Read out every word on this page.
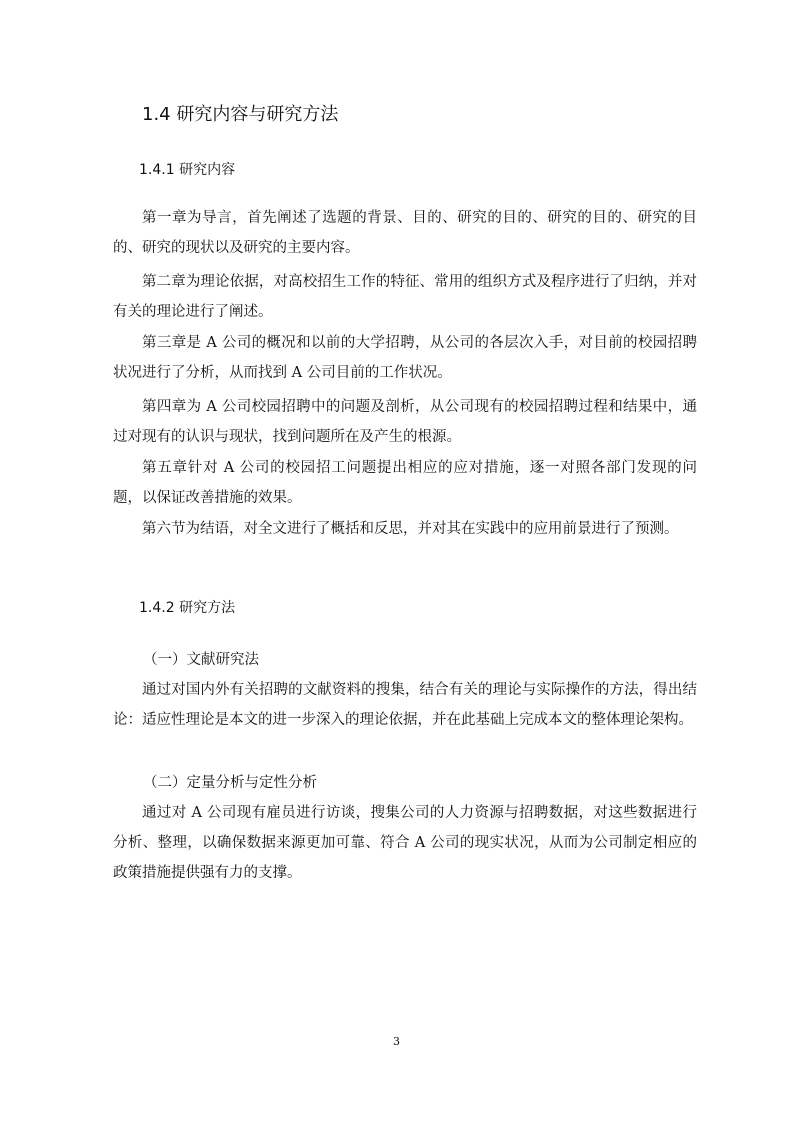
1.4 研究内容与研究方法
1.4.1 研究内容
第一章为导言，首先阐述了选题的背景、目的、研究的目的、研究的目的、研究的目的、研究的现状以及研究的主要内容。
第二章为理论依据，对高校招生工作的特征、常用的组织方式及程序进行了归纳，并对有关的理论进行了阐述。
第三章是 A 公司的概况和以前的大学招聘，从公司的各层次入手，对目前的校园招聘状况进行了分析，从而找到 A 公司目前的工作状况。
第四章为 A 公司校园招聘中的问题及剖析，从公司现有的校园招聘过程和结果中，通过对现有的认识与现状，找到问题所在及产生的根源。
第五章针对 A 公司的校园招工问题提出相应的应对措施，逐一对照各部门发现的问题，以保证改善措施的效果。
第六节为结语，对全文进行了概括和反思，并对其在实践中的应用前景进行了预测。
1.4.2 研究方法
（一）文献研究法
通过对国内外有关招聘的文献资料的搜集，结合有关的理论与实际操作的方法，得出结论：适应性理论是本文的进一步深入的理论依据，并在此基础上完成本文的整体理论架构。
（二）定量分析与定性分析
通过对 A 公司现有雇员进行访谈，搜集公司的人力资源与招聘数据，对这些数据进行分析、整理，以确保数据来源更加可靠、符合 A 公司的现实状况，从而为公司制定相应的政策措施提供强有力的支撑。
3
